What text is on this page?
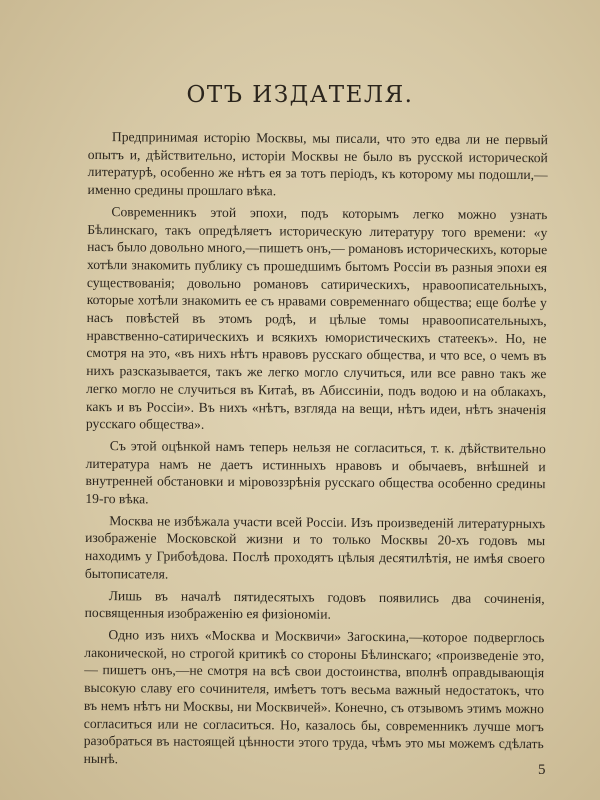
ОТЪ ИЗДАТЕЛЯ.

Предпринимая исторію Москвы, мы писали, что это едва ли не первый опытъ и, дѣйствительно, исторіи Москвы не было въ русской исторической литературѣ, особенно же нѣтъ ея за тотъ періодъ, къ которому мы подошли,—именно средины прошлаго вѣка.

Современникъ этой эпохи, подъ которымъ легко можно узнать Бѣлинскаго, такъ опредѣляетъ историческую литературу того времени: «у насъ было довольно много,—пишетъ онъ,— романовъ историческихъ, которые хотѣли знакомить публику съ прошедшимъ бытомъ Россіи въ разныя эпохи ея существованія; довольно романовъ сатирическихъ, нравоописательныхъ, которые хотѣли знакомить ее съ нравами современнаго общества; еще болѣе у насъ повѣстей въ этомъ родѣ, и цѣлые томы нравоописательныхъ, нравственно-сатирическихъ и всякихъ юмористическихъ статеекъ». Но, не смотря на это, «въ нихъ нѣтъ нравовъ русскаго общества, и что все, о чемъ въ нихъ разсказывается, такъ же легко могло случиться, или все равно такъ же легко могло не случиться въ Китаѣ, въ Абиссиніи, подъ водою и на облакахъ, какъ и въ Россіи». Въ нихъ «нѣтъ, взгляда на вещи, нѣтъ идеи, нѣтъ значенія русскаго общества».

Съ этой оцѣнкой намъ теперь нельзя не согласиться, т. к. дѣйствительно литература намъ не даетъ истинныхъ нравовъ и обычаевъ, внѣшней и внутренней обстановки и міровоззрѣнія русскаго общества особенно средины 19-го вѣка.

Москва не избѣжала участи всей Россіи. Изъ произведеній литературныхъ изображеніе Московской жизни и то только Москвы 20-хъ годовъ мы находимъ у Грибоѣдова. Послѣ проходятъ цѣлыя десятилѣтія, не имѣя своего бытописателя.

Лишь въ началѣ пятидесятыхъ годовъ появились два сочиненія, посвященныя изображенію ея физіономіи.

Одно изъ нихъ «Москва и Москвичи» Загоскина,—которое подверглось лаконической, но строгой критикѣ со стороны Бѣлинскаго; «произведеніе это, — пишетъ онъ,—не смотря на всѣ свои достоинства, вполнѣ оправдывающія высокую славу его сочинителя, имѣетъ тотъ весьма важный недостатокъ, что въ немъ нѣтъ ни Москвы, ни Москвичей». Конечно, съ отзывомъ этимъ можно согласиться или не согласиться. Но, казалось бы, современникъ лучше могъ разобраться въ настоящей цѣнности этого труда, чѣмъ это мы можемъ сдѣлать нынѣ.

5
